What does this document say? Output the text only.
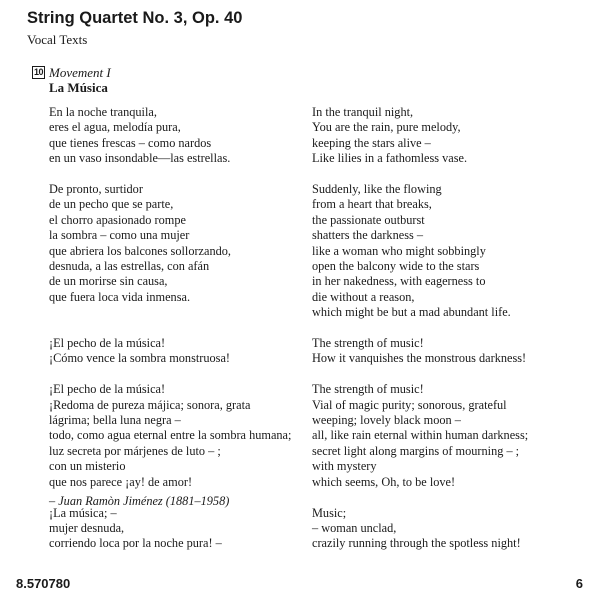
String Quartet No. 3, Op. 40
Vocal Texts
10 Movement I
La Música
En la noche tranquila,
eres el agua, melodía pura,
que tienes frescas – como nardos
en un vaso insondable—las estrellas.
De pronto, surtidor
de un pecho que se parte,
el chorro apasionado rompe
la sombra – como una mujer
que abriera los balcones sollorzando,
desnuda, a las estrellas, con afán
de un morirse sin causa,
que fuera loca vida inmensa.
¡El pecho de la música!
¡Cómo vence la sombra monstruosa!
¡El pecho de la música!
¡Redoma de pureza májica; sonora, grata
lágrima; bella luna negra –
todo, como agua eternal entre la sombra humana;
luz secreta por márjenes de luto – ;
con un misterio
que nos parece ¡ay! de amor!
¡La música; –
mujer desnuda,
corriendo loca por la noche pura! –
In the tranquil night,
You are the rain, pure melody,
keeping the stars alive –
Like lilies in a fathomless vase.
Suddenly, like the flowing
from a heart that breaks,
the passionate outburst
shatters the darkness –
like a woman who might sobbingly
open the balcony wide to the stars
in her nakedness, with eagerness to
die without a reason,
which might be but a mad abundant life.
The strength of music!
How it vanquishes the monstrous darkness!
The strength of music!
Vial of magic purity; sonorous, grateful
weeping; lovely black moon –
all, like rain eternal within human darkness;
secret light along margins of mourning – ;
with mystery
which seems, Oh, to be love!
Music;
– woman unclad,
crazily running through the spotless night!
– Juan Ramòn Jiménez (1881–1958)
8.570780	6
